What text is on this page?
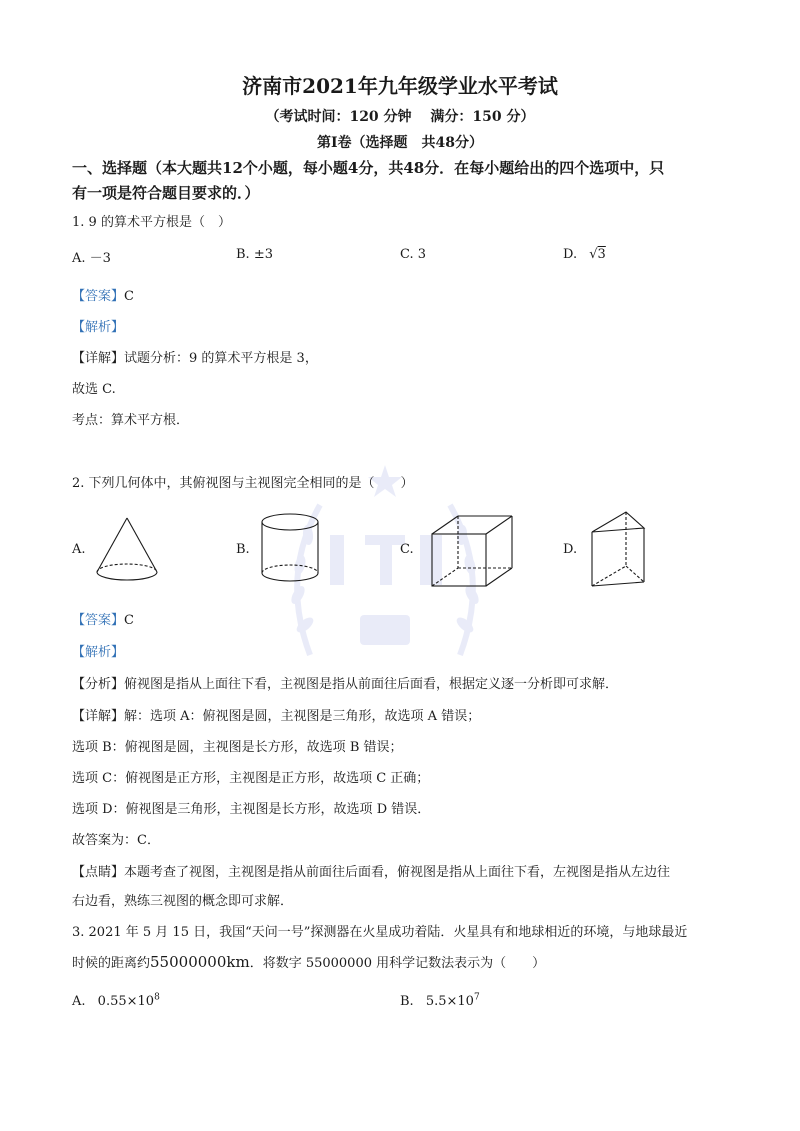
济南市2021年九年级学业水平考试
（考试时间：120 分钟　 满分：150 分）
第Ⅰ卷（选择题　共48分）
一、选择题（本大题共12个小题，每小题4分，共48分．在每小题给出的四个选项中，只
有一项是符合题目要求的．）
1. 9 的算术平方根是（　）
A. －3	B. ±3	C. 3	D. √3
【答案】C
【解析】
【详解】试题分析：9 的算术平方根是 3，
故选 C.
考点：算术平方根．
2. 下列几何体中，其俯视图与主视图完全相同的是（　　）
A.	B.	C.	D.
【答案】C
【解析】
【分析】俯视图是指从上面往下看，主视图是指从前面往后面看，根据定义逐一分析即可求解．
【详解】解：选项 A：俯视图是圆，主视图是三角形，故选项 A 错误；
选项 B：俯视图是圆，主视图是长方形，故选项 B 错误；
选项 C：俯视图是正方形，主视图是正方形，故选项 C 正确；
选项 D：俯视图是三角形，主视图是长方形，故选项 D 错误．
故答案为：C．
【点睛】本题考查了视图，主视图是指从前面往后面看，俯视图是指从上面往下看，左视图是指从左边往
右边看，熟练三视图的概念即可求解．
3. 2021 年 5 月 15 日，我国“天问一号”探测器在火星成功着陆．火星具有和地球相近的环境，与地球最近
时候的距离约55000000km．将数字 55000000 用科学记数法表示为（　　）
A. $0.55\times 10^8$	B. $5.5\times 10^7$
